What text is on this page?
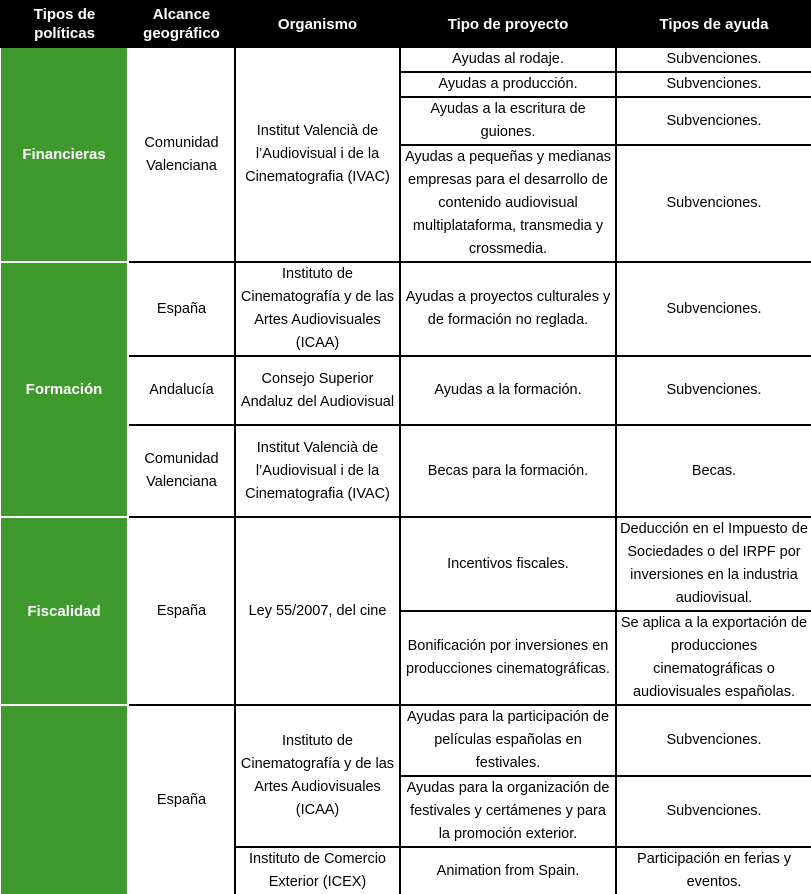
Tipos de políticas	Alcance geográfico	Organismo	Tipo de proyecto	Tipos de ayuda
Financieras	Comunidad Valenciana	Institut Valencià de l’Audiovisual i de la Cinematografia (IVAC)	Ayudas al rodaje.	Subvenciones.
			Ayudas a producción.	Subvenciones.
			Ayudas a la escritura de guiones.	Subvenciones.
			Ayudas a pequeñas y medianas empresas para el desarrollo de contenido audiovisual multiplataforma, transmedia y crossmedia.	Subvenciones.
Formación	España	Instituto de Cinematografía y de las Artes Audiovisuales (ICAA)	Ayudas a proyectos culturales y de formación no reglada.	Subvenciones.
	Andalucía	Consejo Superior Andaluz del Audiovisual	Ayudas a la formación.	Subvenciones.
	Comunidad Valenciana	Institut Valencià de l’Audiovisual i de la Cinematografia (IVAC)	Becas para la formación.	Becas.
Fiscalidad	España	Ley 55/2007, del cine	Incentivos fiscales.	Deducción en el Impuesto de Sociedades o del IRPF por inversiones en la industria audiovisual.
			Bonificación por inversiones en producciones cinematográficas.	Se aplica a la exportación de producciones cinematográficas o audiovisuales españolas.
	España	Instituto de Cinematografía y de las Artes Audiovisuales (ICAA)	Ayudas para la participación de películas españolas en festivales.	Subvenciones.
			Ayudas para la organización de festivales y certámenes y para la promoción exterior.	Subvenciones.
		Instituto de Comercio Exterior (ICEX)	Animation from Spain.	Participación en ferias y eventos.
